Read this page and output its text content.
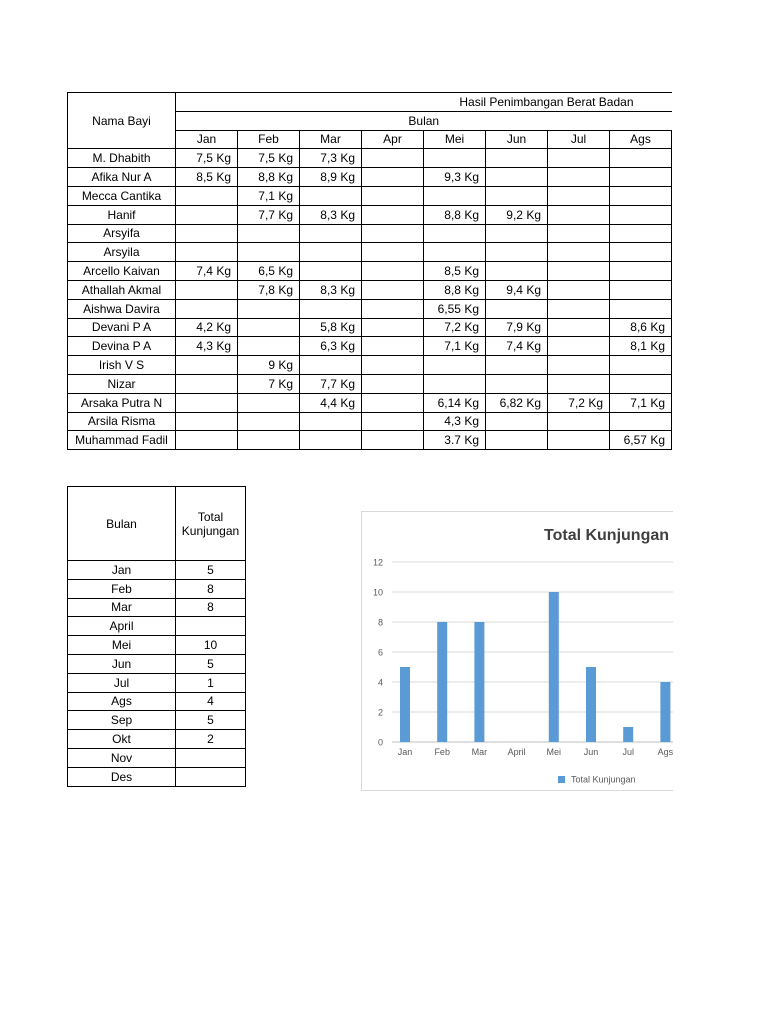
Nama Bayi	Hasil Penimbangan Berat Badan							
	Bulan							
	Jan	Feb	Mar	Apr	Mei	Jun	Jul	Ags
M. Dhabith	7,5 Kg	7,5 Kg	7,3 Kg					
Afika Nur A	8,5 Kg	8,8 Kg	8,9 Kg		9,3 Kg			
Mecca Cantika		7,1 Kg						
Hanif		7,7 Kg	8,3 Kg		8,8 Kg	9,2 Kg		
Arsyifa								
Arsyila								
Arcello Kaivan	7,4 Kg	6,5 Kg			8,5 Kg			
Athallah Akmal		7,8 Kg	8,3 Kg		8,8 Kg	9,4 Kg		
Aishwa Davira					6,55 Kg			
Devani P A	4,2 Kg		5,8 Kg		7,2 Kg	7,9 Kg		8,6 Kg
Devina P A	4,3 Kg		6,3 Kg		7,1 Kg	7,4 Kg		8,1 Kg
Irish V S		9 Kg						
Nizar		7 Kg	7,7 Kg					
Arsaka Putra N			4,4 Kg		6,14 Kg	6,82 Kg	7,2 Kg	7,1 Kg
Arsila Risma					4,3 Kg			
Muhammad Fadil					3.7 Kg			6,57 Kg
Bulan	Total Kunjungan
Jan	5
Feb	8
Mar	8
April	
Mei	10
Jun	5
Jul	1
Ags	4
Sep	5
Okt	2
Nov	
Des	
Total Kunjungan
0
2
4
6
8
10
12
Jan Feb Mar April Mei	Jun	Jul	Ags
Total Kunjungan
